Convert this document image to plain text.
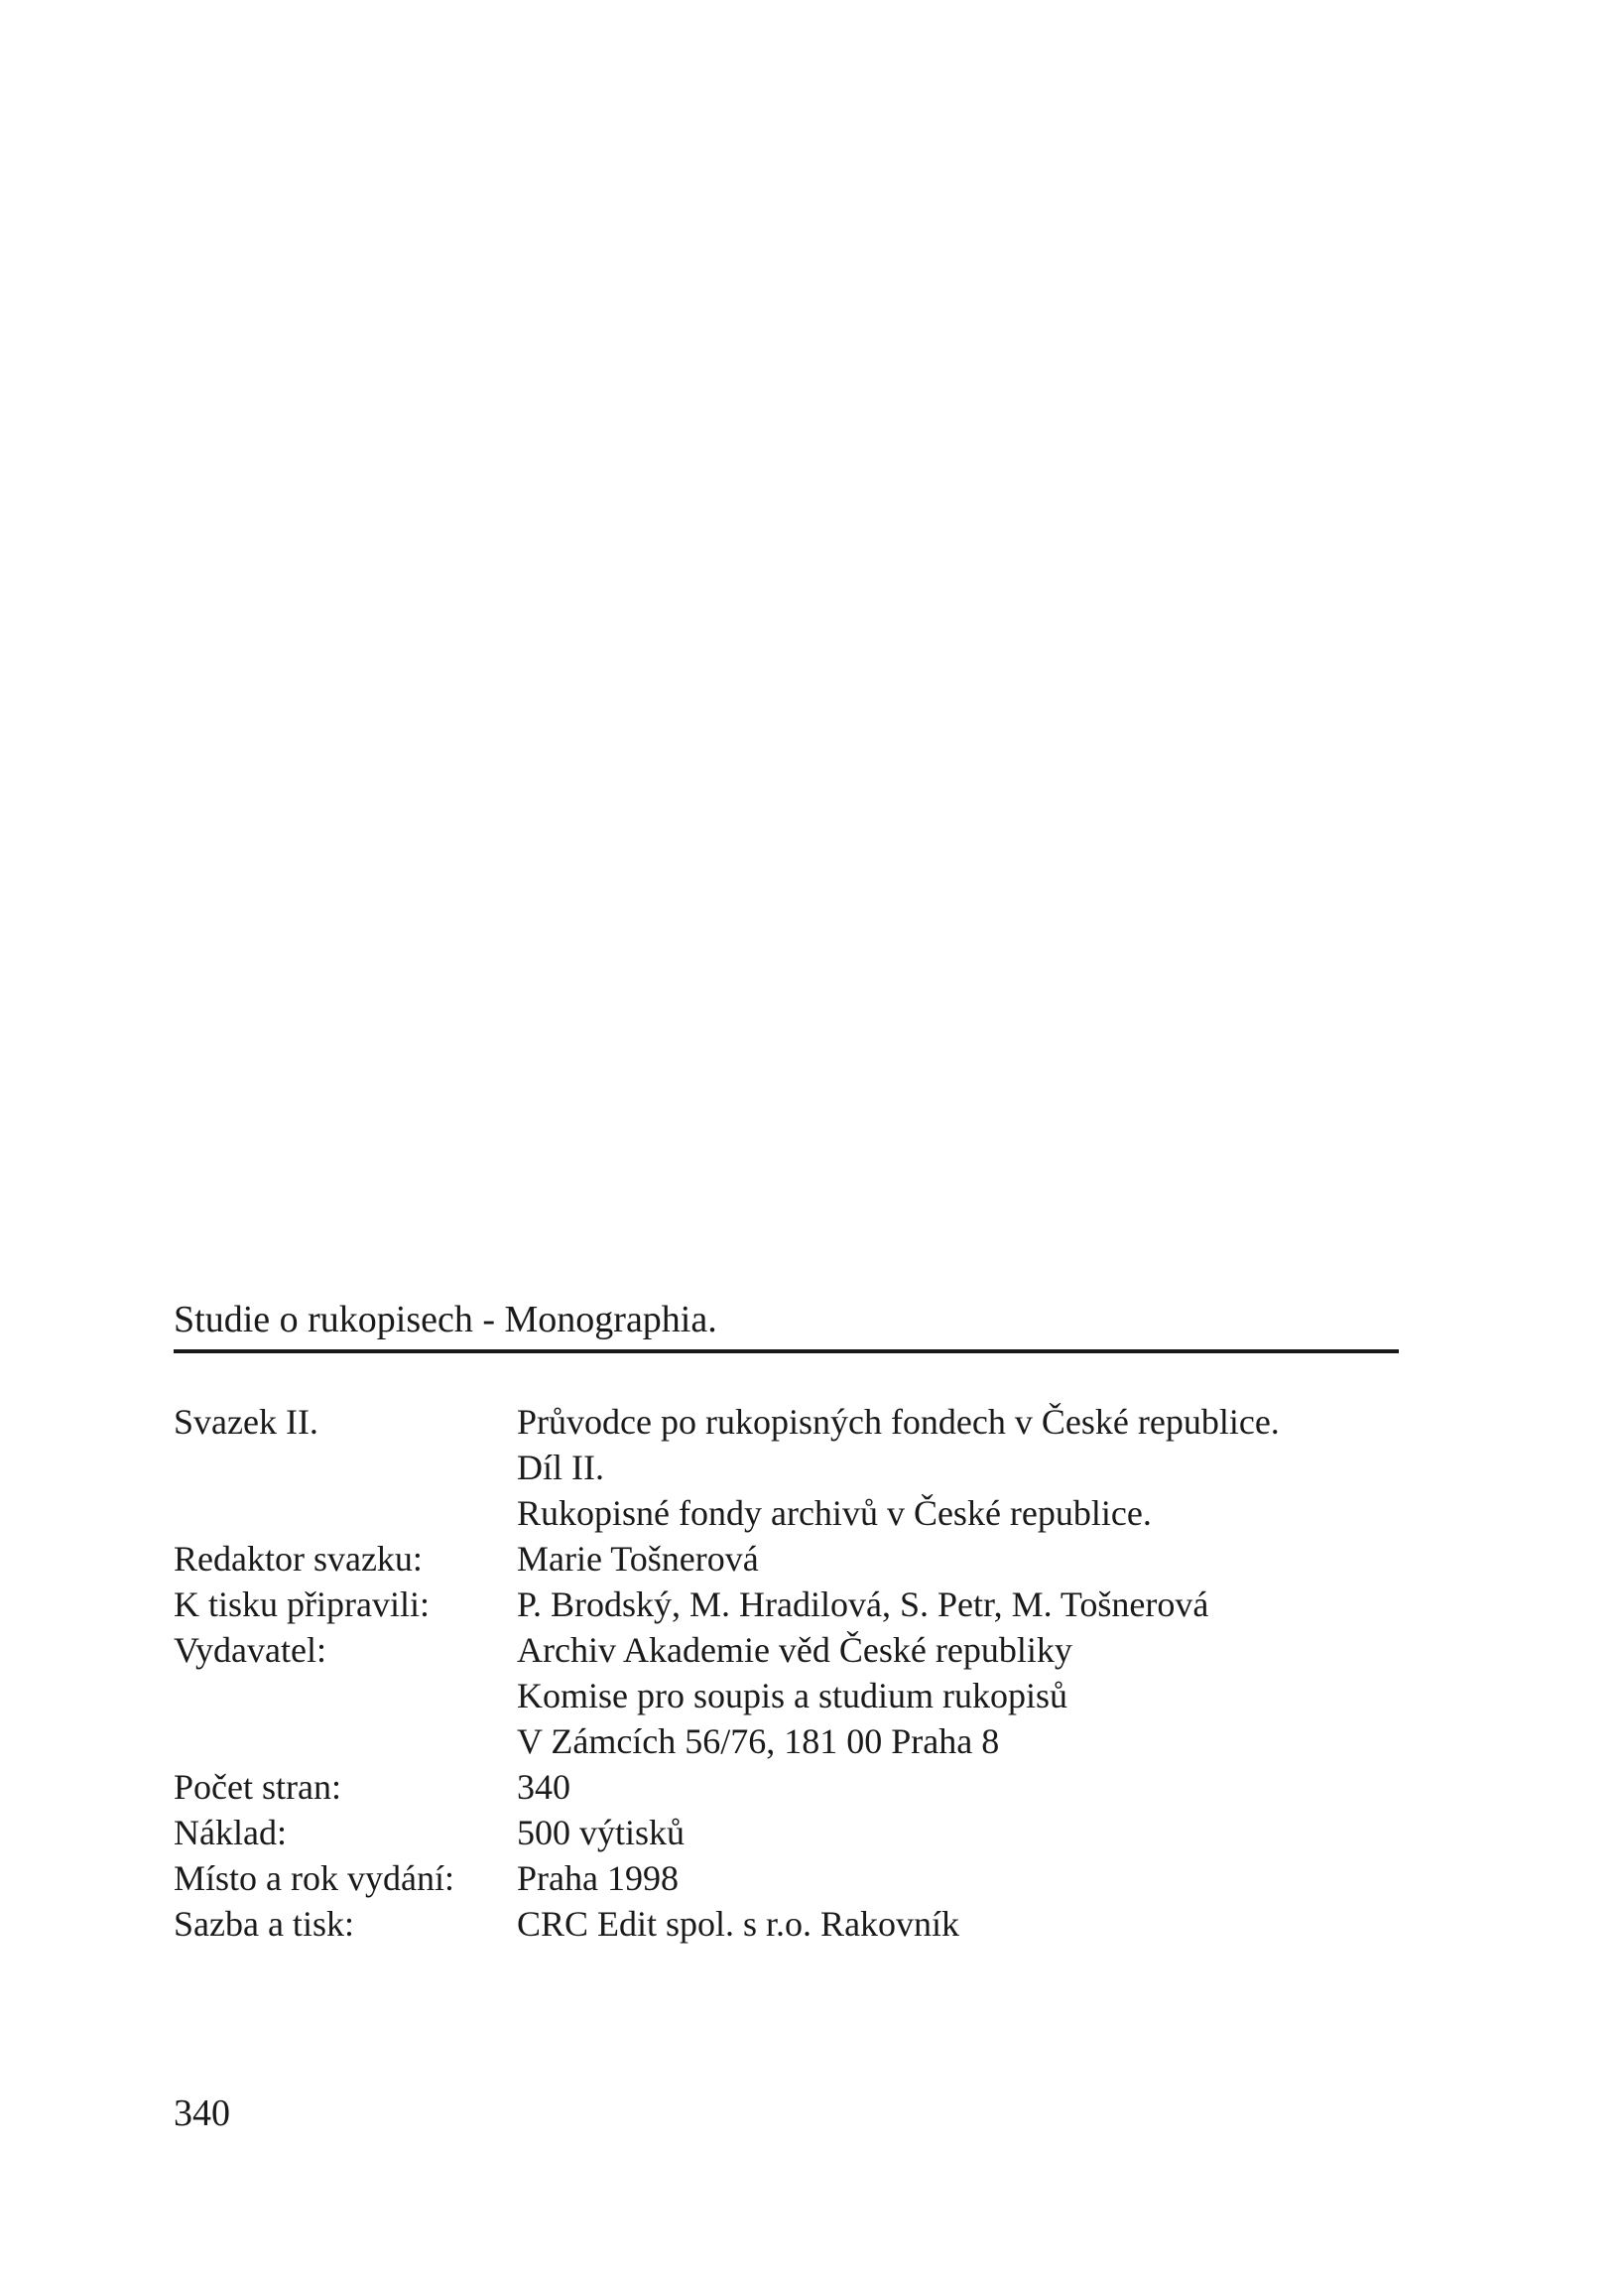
Studie o rukopisech - Monographia.
Svazek II.	Průvodce po rukopisných fondech v České republice.
Díl II.
Rukopisné fondy archivů v České republice.
Redaktor svazku:	Marie Tošnerová
K tisku připravili:	P. Brodský, M. Hradilová, S. Petr, M. Tošnerová
Vydavatel:	Archiv Akademie věd České republiky
Komise pro soupis a studium rukopisů
V Zámcích 56/76, 181 00 Praha 8
Počet stran:	340
Náklad:	500 výtisků
Místo a rok vydání:	Praha 1998
Sazba a tisk:	CRC Edit spol. s r.o. Rakovník
340
